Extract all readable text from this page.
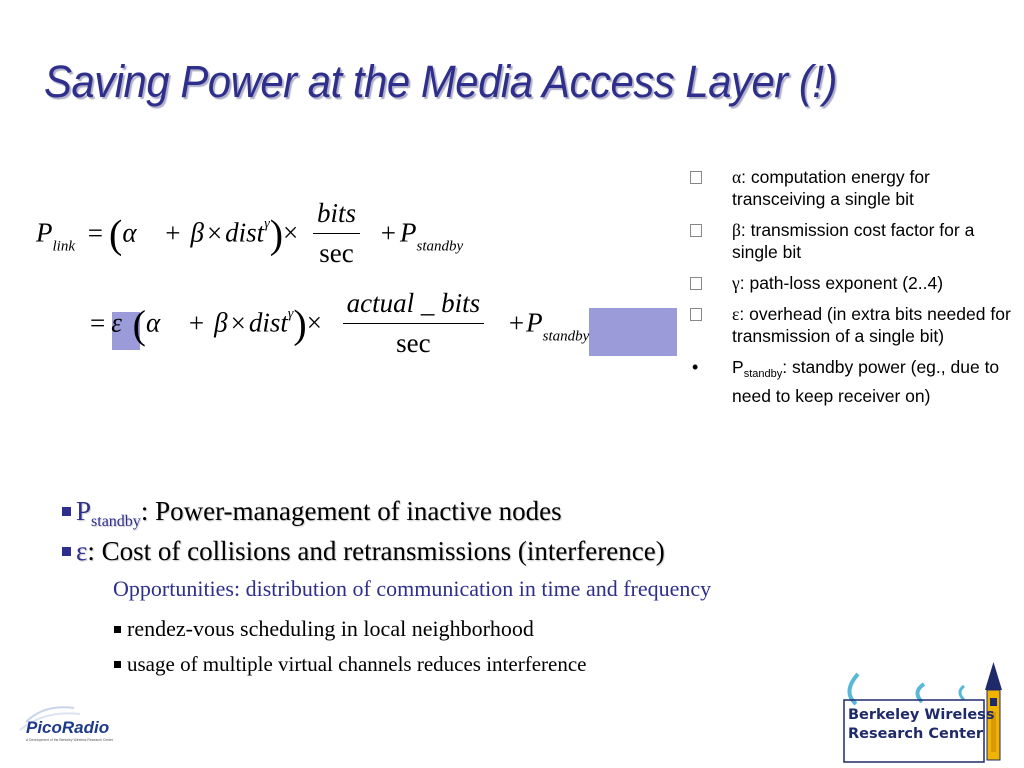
Saving Power at the Media Access Layer (!)
$P_{link} = (\alpha + \beta$ × dist$^\gamma$)× $\frac{\text{bits}}{\sec} + P_{standby}$
= ε (α + β × dist$^\gamma$)× $\frac{\text{actual \_ bits}}{\sec} +P_{standby}$
α: computation energy for transceiving a single bit
β: transmission cost factor for a single bit
γ: path-loss exponent (2..4)
ε: overhead (in extra bits needed for transmission of a single bit)
• $P_{standby}$: standby power (eg., due to need to keep receiver on)
$P_{standby}$: Power-management of inactive nodes
ε: Cost of collisions and retransmissions (interference)
Opportunities: distribution of communication in time and frequency
rendez-vous scheduling in local neighborhood
usage of multiple virtual channels reduces interference
PicoRadio
A Development of the Berkeley Wireless Research Center
Berkeley Wireless
Research Center
